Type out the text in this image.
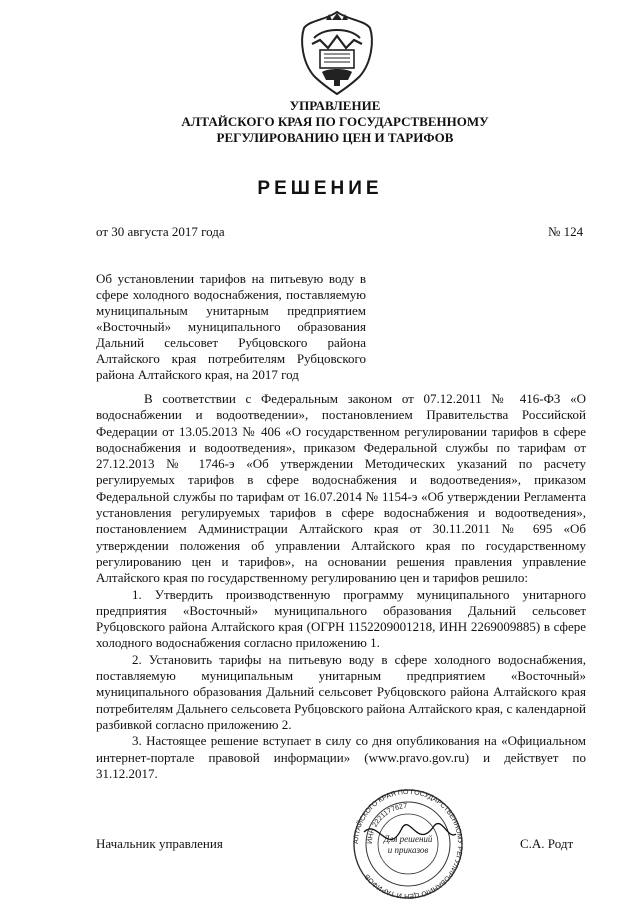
УПРАВЛЕНИЕ
АЛТАЙСКОГО КРАЯ ПО ГОСУДАРСТВЕННОМУ
РЕГУЛИРОВАНИЮ ЦЕН И ТАРИФОВ
РЕШЕНИЕ
от 30 августа 2017 года	№ 124

Об установлении тарифов на питьевую воду в сфере холодного водоснабжения, поставляемую муниципальным унитарным предприятием «Восточный» муниципального образования Дальний сельсовет Рубцовского района Алтайского края потребителям Рубцовского района Алтайского края, на 2017 год

В соответствии с Федеральным законом от 07.12.2011 № 416-ФЗ «О водоснабжении и водоотведении», постановлением Правительства Российской Федерации от 13.05.2013 № 406 «О государственном регулировании тарифов в сфере водоснабжения и водоотведения», приказом Федеральной службы по тарифам от 27.12.2013 № 1746-э «Об утверждении Методических указаний по расчету регулируемых тарифов в сфере водоснабжения и водоотведения», приказом Федеральной службы по тарифам от 16.07.2014 № 1154-э «Об утверждении Регламента установления регулируемых тарифов в сфере водоснабжения и водоотведения», постановлением Администрации Алтайского края от 30.11.2011 № 695 «Об утверждении положения об управлении Алтайского края по государственному регулированию цен и тарифов», на основании решения правления управление Алтайского края по государственному регулированию цен и тарифов решило:

1. Утвердить производственную программу муниципального унитарного предприятия «Восточный» муниципального образования Дальний сельсовет Рубцовского района Алтайского края (ОГРН 1152209001218, ИНН 2269009885) в сфере холодного водоснабжения согласно приложению 1.

2. Установить тарифы на питьевую воду в сфере холодного водоснабжения, поставляемую муниципальным унитарным предприятием «Восточный» муниципального образования Дальний сельсовет Рубцовского района Алтайского края потребителям Дальнего сельсовета Рубцовского района Алтайского края, с календарной разбивкой согласно приложению 2.

3. Настоящее решение вступает в силу со дня опубликования на «Официальном интернет-портале правовой информации» (www.pravo.gov.ru) и действует по 31.12.2017.

Начальник управления	АЛТАЙСКОГО КРАЯ ПО ГОСУДАРСТВЕННОМУ РЕГУЛИРОВАНИЮ ЦЕН И ТАРИФОВ
ИНН 2221177627
Для решений
и приказов	С.А. Родт
